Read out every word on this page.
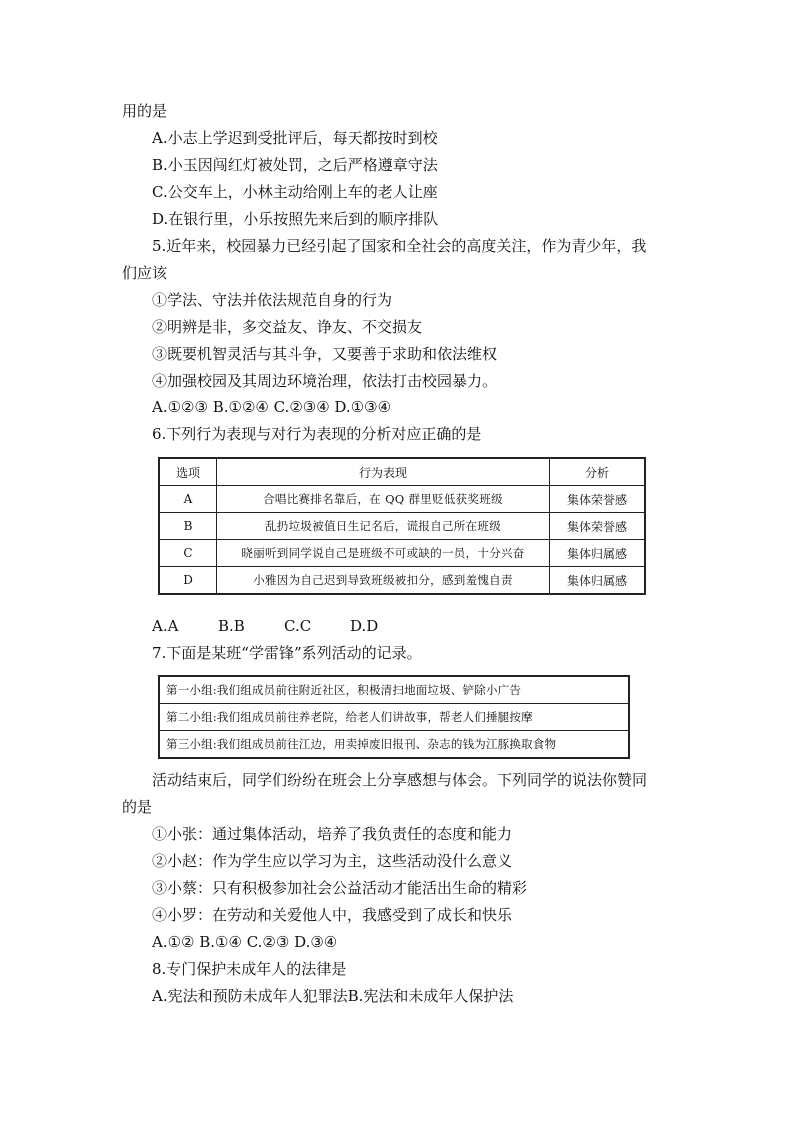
用的是
A.小志上学迟到受批评后，每天都按时到校
B.小玉因闯红灯被处罚，之后严格遵章守法
C.公交车上，小林主动给刚上车的老人让座
D.在银行里，小乐按照先来后到的顺序排队
5.近年来，校园暴力已经引起了国家和全社会的高度关注，作为青少年，我
们应该
①学法、守法并依法规范自身的行为
②明辨是非，多交益友、诤友、不交损友
③既要机智灵活与其斗争，又要善于求助和依法维权
④加强校园及其周边环境治理，依法打击校园暴力。
A.①②③ B.①②④ C.②③④ D.①③④
6.下列行为表现与对行为表现的分析对应正确的是
选项	行为表现	分析
A	合唱比赛排名靠后，在 QQ 群里贬低获奖班级	集体荣誉感
B	乱扔垃圾被值日生记名后，谎报自己所在班级	集体荣誉感
C	晓丽听到同学说自己是班级不可或缺的一员，十分兴奋	集体归属感
D	小雅因为自己迟到导致班级被扣分，感到羞愧自责	集体归属感
A.A	B.B	C.C	D.D
7.下面是某班“学雷锋”系列活动的记录。
第一小组:我们组成员前往附近社区，积极清扫地面垃圾、铲除小广告
第二小组:我们组成员前往养老院，给老人们讲故事，帮老人们捶腿按摩
第三小组:我们组成员前往江边，用卖掉废旧报刊、杂志的钱为江豚换取食物
活动结束后，同学们纷纷在班会上分享感想与体会。下列同学的说法你赞同
的是
①小张：通过集体活动，培养了我负责任的态度和能力
②小赵：作为学生应以学习为主，这些活动没什么意义
③小蔡：只有积极参加社会公益活动才能活出生命的精彩
④小罗：在劳动和关爱他人中，我感受到了成长和快乐
A.①② B.①④ C.②③ D.③④
8.专门保护未成年人的法律是
A.宪法和预防未成年人犯罪法B.宪法和未成年人保护法
